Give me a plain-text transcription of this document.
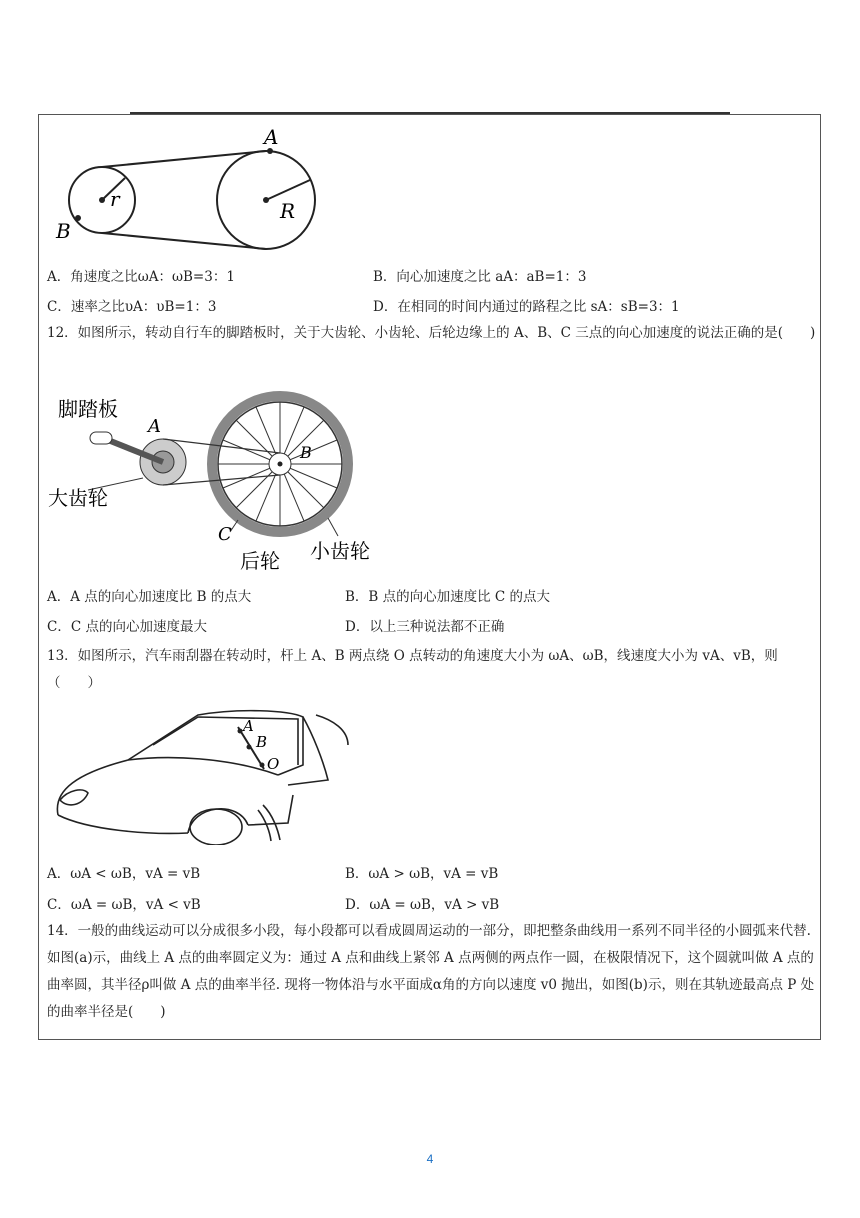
A
B
r	R
A．角速度之比ωA：ωB=3：1	B．向心加速度之比 aA：aB=1：3
C．速率之比υA：υB=1：3	D．在相同的时间内通过的路程之比 sA：sB=3：1
12．如图所示，转动自行车的脚踏板时，关于大齿轮、小齿轮、后轮边缘上的 A、B、C 三点的向心加速度的说法正确的是(　　)
脚踏板
大齿轮
后轮 小齿轮
A
B
C
A．A 点的向心加速度比 B 的点大	B．B 点的向心加速度比 C 的点大
C．C 点的向心加速度最大	D．以上三种说法都不正确
13．如图所示，汽车雨刮器在转动时，杆上 A、B 两点绕 O 点转动的角速度大小为 ωA、ωB，线速度大小为 vA、vB，则（　　）
A
B
O
A．ωA < ωB，vA = vB	B．ωA > ωB，vA = vB
C．ωA = ωB，vA < vB	D．ωA = ωB，vA > vB
14．一般的曲线运动可以分成很多小段，每小段都可以看成圆周运动的一部分，即把整条曲线用一系列不同半径的小圆弧来代替. 如图(a)示，曲线上 A 点的曲率圆定义为：通过 A 点和曲线上紧邻 A 点两侧的两点作一圆，在极限情况下，这个圆就叫做 A 点的曲率圆，其半径ρ叫做 A 点的曲率半径. 现将一物体沿与水平面成α角的方向以速度 v0 抛出，如图(b)示，则在其轨迹最高点 P 处的曲率半径是(　　)
4
